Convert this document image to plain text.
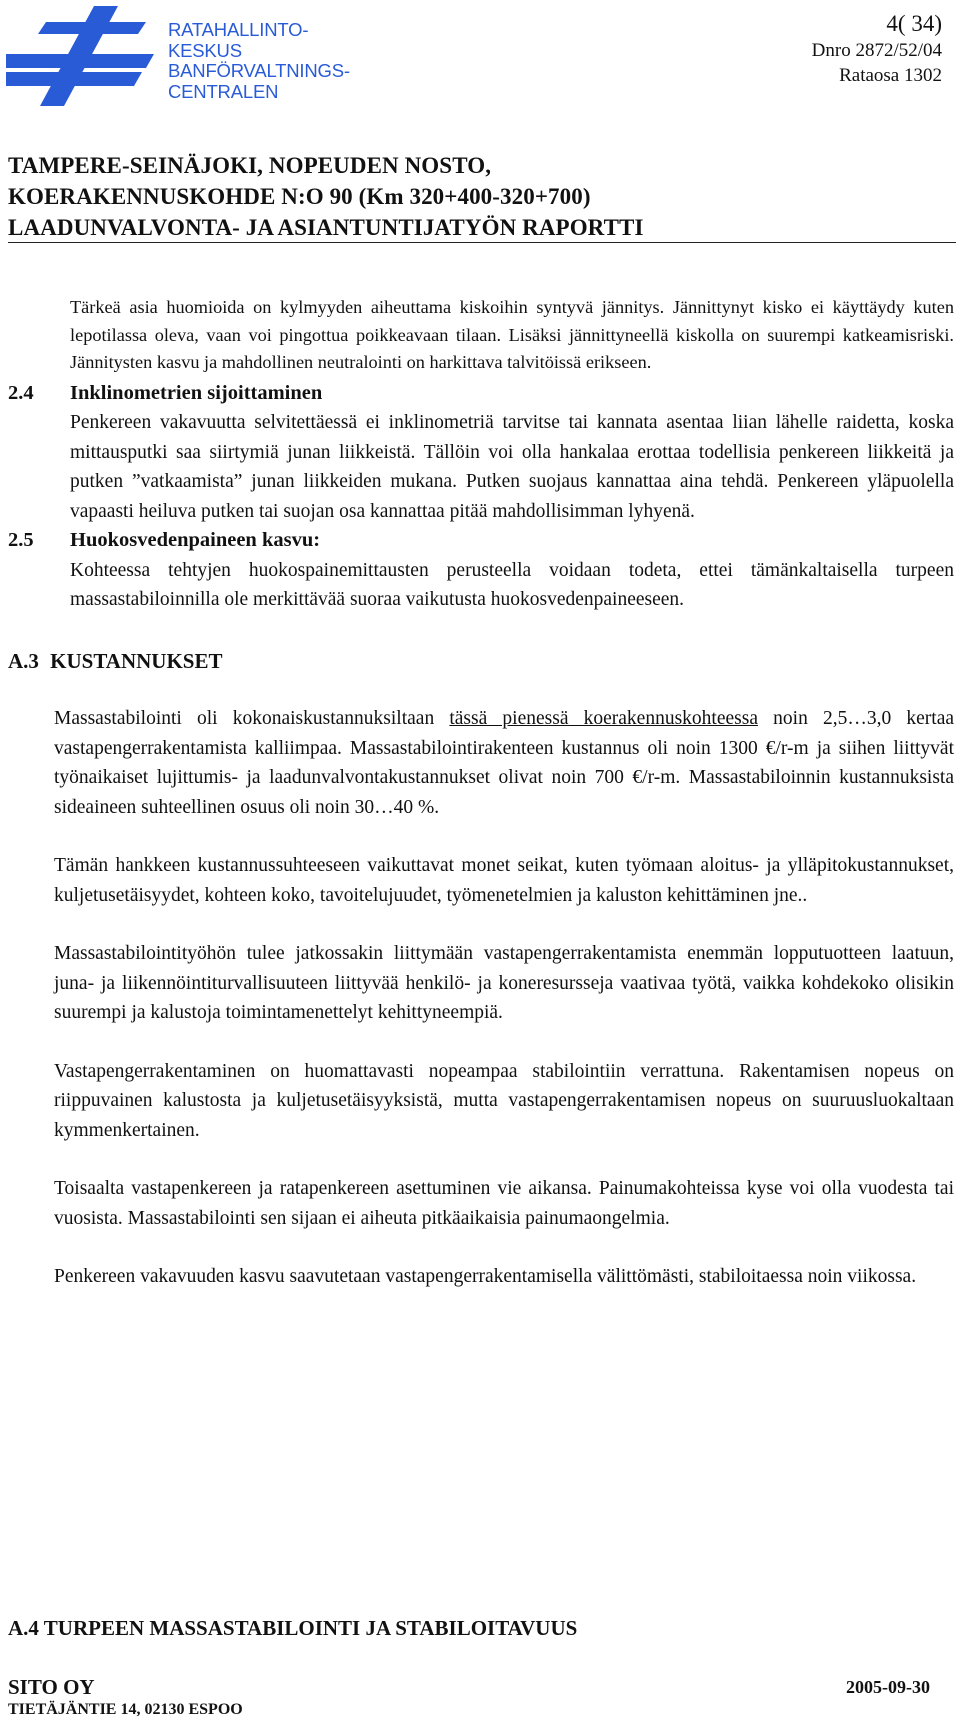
RATAHALLINTO-
KESKUS
BANFÖRVALTNINGS-
CENTRALEN
4( 34)
Dnro 2872/52/04
Rataosa 1302
TAMPERE-SEINÄJOKI, NOPEUDEN NOSTO,
KOERAKENNUSKOHDE N:O 90 (Km 320+400-320+700)
LAADUNVALVONTA- JA ASIANTUNTIJATYÖN RAPORTTI
Tärkeä asia huomioida on kylmyyden aiheuttama kiskoihin syntyvä jännitys. Jännittynyt kisko ei käyttäydy kuten lepotilassa oleva, vaan voi pingottua poikkeavaan tilaan. Lisäksi jännittyneellä kiskolla on suurempi katkeamisriski. Jännitysten kasvu ja mahdollinen neutralointi on harkittava talvitöissä erikseen.
2.4	Inklinometrien sijoittaminen
Penkereen vakavuutta selvitettäessä ei inklinometriä tarvitse tai kannata asentaa liian lähelle raidetta, koska mittausputki saa siirtymiä junan liikkeistä. Tällöin voi olla hankalaa erottaa todellisia penkereen liikkeitä ja putken ”vatkaamista” junan liikkeiden mukana. Putken suojaus kannattaa aina tehdä. Penkereen yläpuolella vapaasti heiluva putken tai suojan osa kannattaa pitää mahdollisimman lyhyenä.
2.5	Huokosvedenpaineen kasvu:
Kohteessa tehtyjen huokospainemittausten perusteella voidaan todeta, ettei tämänkaltaisella turpeen massastabiloinnilla ole merkittävää suoraa vaikutusta huokosvedenpaineeseen.
A.3 KUSTANNUKSET
Massastabilointi oli kokonaiskustannuksiltaan tässä pienessä koerakennuskohteessa noin 2,5…3,0 kertaa vastapengerrakentamista kalliimpaa. Massastabilointirakenteen kustannus oli noin 1300 €/r-m ja siihen liittyvät työnaikaiset lujittumis- ja laadunvalvontakustannukset olivat noin 700 €/r-m. Massastabiloinnin kustannuksista sideaineen suhteellinen osuus oli noin 30…40 %.
Tämän hankkeen kustannussuhteeseen vaikuttavat monet seikat, kuten työmaan aloitus- ja ylläpitokustannukset, kuljetusetäisyydet, kohteen koko, tavoitelujuudet, työmenetelmien ja kaluston kehittäminen jne..
Massastabilointityöhön tulee jatkossakin liittymään vastapengerrakentamista enemmän lopputuotteen laatuun, juna- ja liikennöintiturvallisuuteen liittyvää henkilö- ja koneresursseja vaativaa työtä, vaikka kohdekoko olisikin suurempi ja kalustoja toimintamenettelyt kehittyneempiä.
Vastapengerrakentaminen on huomattavasti nopeampaa stabilointiin verrattuna. Rakentamisen nopeus on riippuvainen kalustosta ja kuljetusetäisyyksistä, mutta vastapengerrakentamisen nopeus on suuruusluokaltaan kymmenkertainen.
Toisaalta vastapenkereen ja ratapenkereen asettuminen vie aikansa. Painumakohteissa kyse voi olla vuodesta tai vuosista. Massastabilointi sen sijaan ei aiheuta pitkäaikaisia painumaongelmia.
Penkereen vakavuuden kasvu saavutetaan vastapengerrakentamisella välittömästi, stabiloitaessa noin viikossa.
A.4 TURPEEN MASSASTABILOINTI JA STABILOITAVUUS
SITO OY
TIETÄJÄNTIE 14, 02130 ESPOO
2005-09-30
